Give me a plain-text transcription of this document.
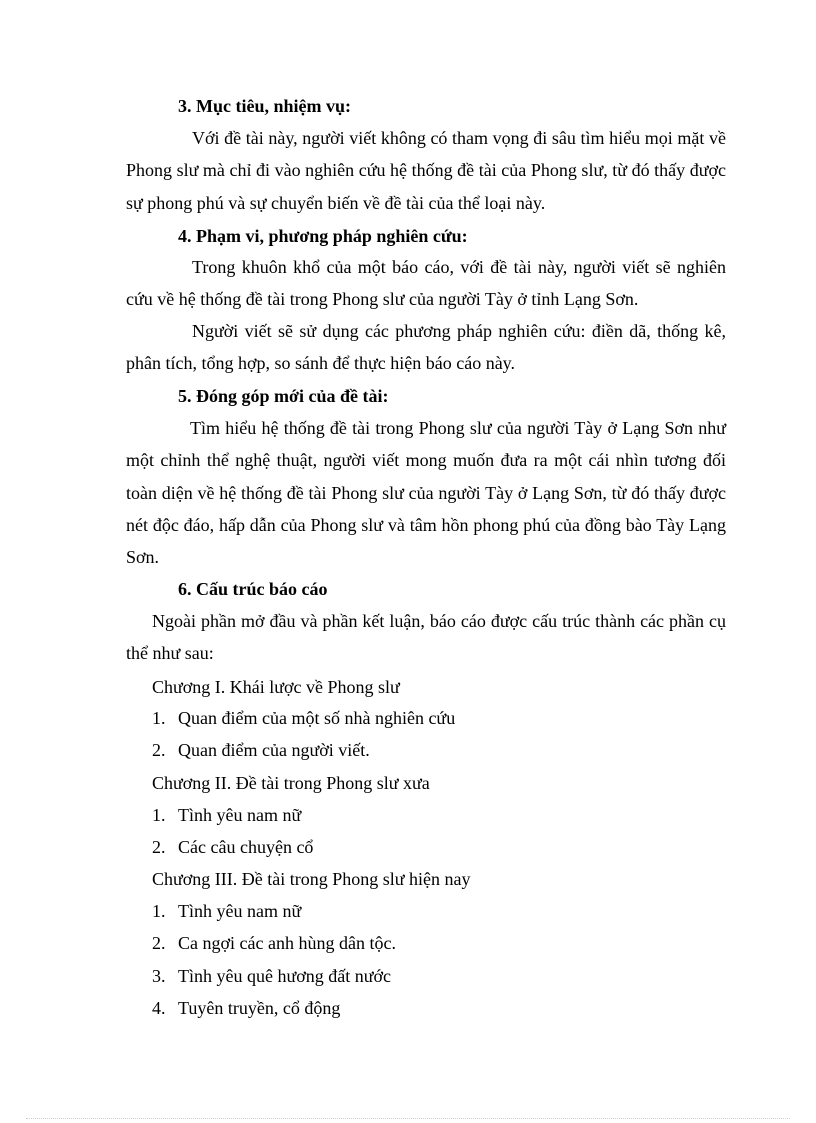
3. Mục tiêu, nhiệm vụ:
Với đề tài này, người viết không có tham vọng đi sâu tìm hiểu mọi mặt về Phong slư mà chỉ đi vào nghiên cứu hệ thống đề tài của Phong slư, từ đó thấy được sự phong phú và sự chuyển biến về đề tài của thể loại này.
4. Phạm vi, phương pháp nghiên cứu:
Trong khuôn khổ của một báo cáo, với đề tài này, người viết sẽ nghiên cứu về hệ thống đề tài trong Phong slư của người Tày ở tỉnh Lạng Sơn.
Người viết sẽ sử dụng các phương pháp nghiên cứu: điền dã, thống kê, phân tích, tổng hợp, so sánh để thực hiện báo cáo này.
5. Đóng góp mới của đề tài:
Tìm hiểu hệ thống đề tài trong Phong slư của người Tày ở Lạng Sơn như một chỉnh thể nghệ thuật, người viết mong muốn đưa ra một cái nhìn tương đối toàn diện về hệ thống đề tài Phong slư của người Tày ở Lạng Sơn, từ đó thấy được nét độc đáo, hấp dẫn của Phong slư và tâm hồn phong phú của đồng bào Tày Lạng Sơn.
6. Cấu trúc báo cáo
Ngoài phần mở đầu và phần kết luận, báo cáo được cấu trúc thành các phần cụ thể như sau:
Chương I. Khái lược về Phong slư
1. Quan điểm của một số nhà nghiên cứu
2. Quan điểm của người viết.
Chương II. Đề tài trong Phong slư xưa
1. Tình yêu nam nữ
2. Các câu chuyện cổ
Chương III. Đề tài trong Phong slư hiện nay
1. Tình yêu nam nữ
2. Ca ngợi các anh hùng dân tộc.
3. Tình yêu quê hương đất nước
4. Tuyên truyền, cổ động
